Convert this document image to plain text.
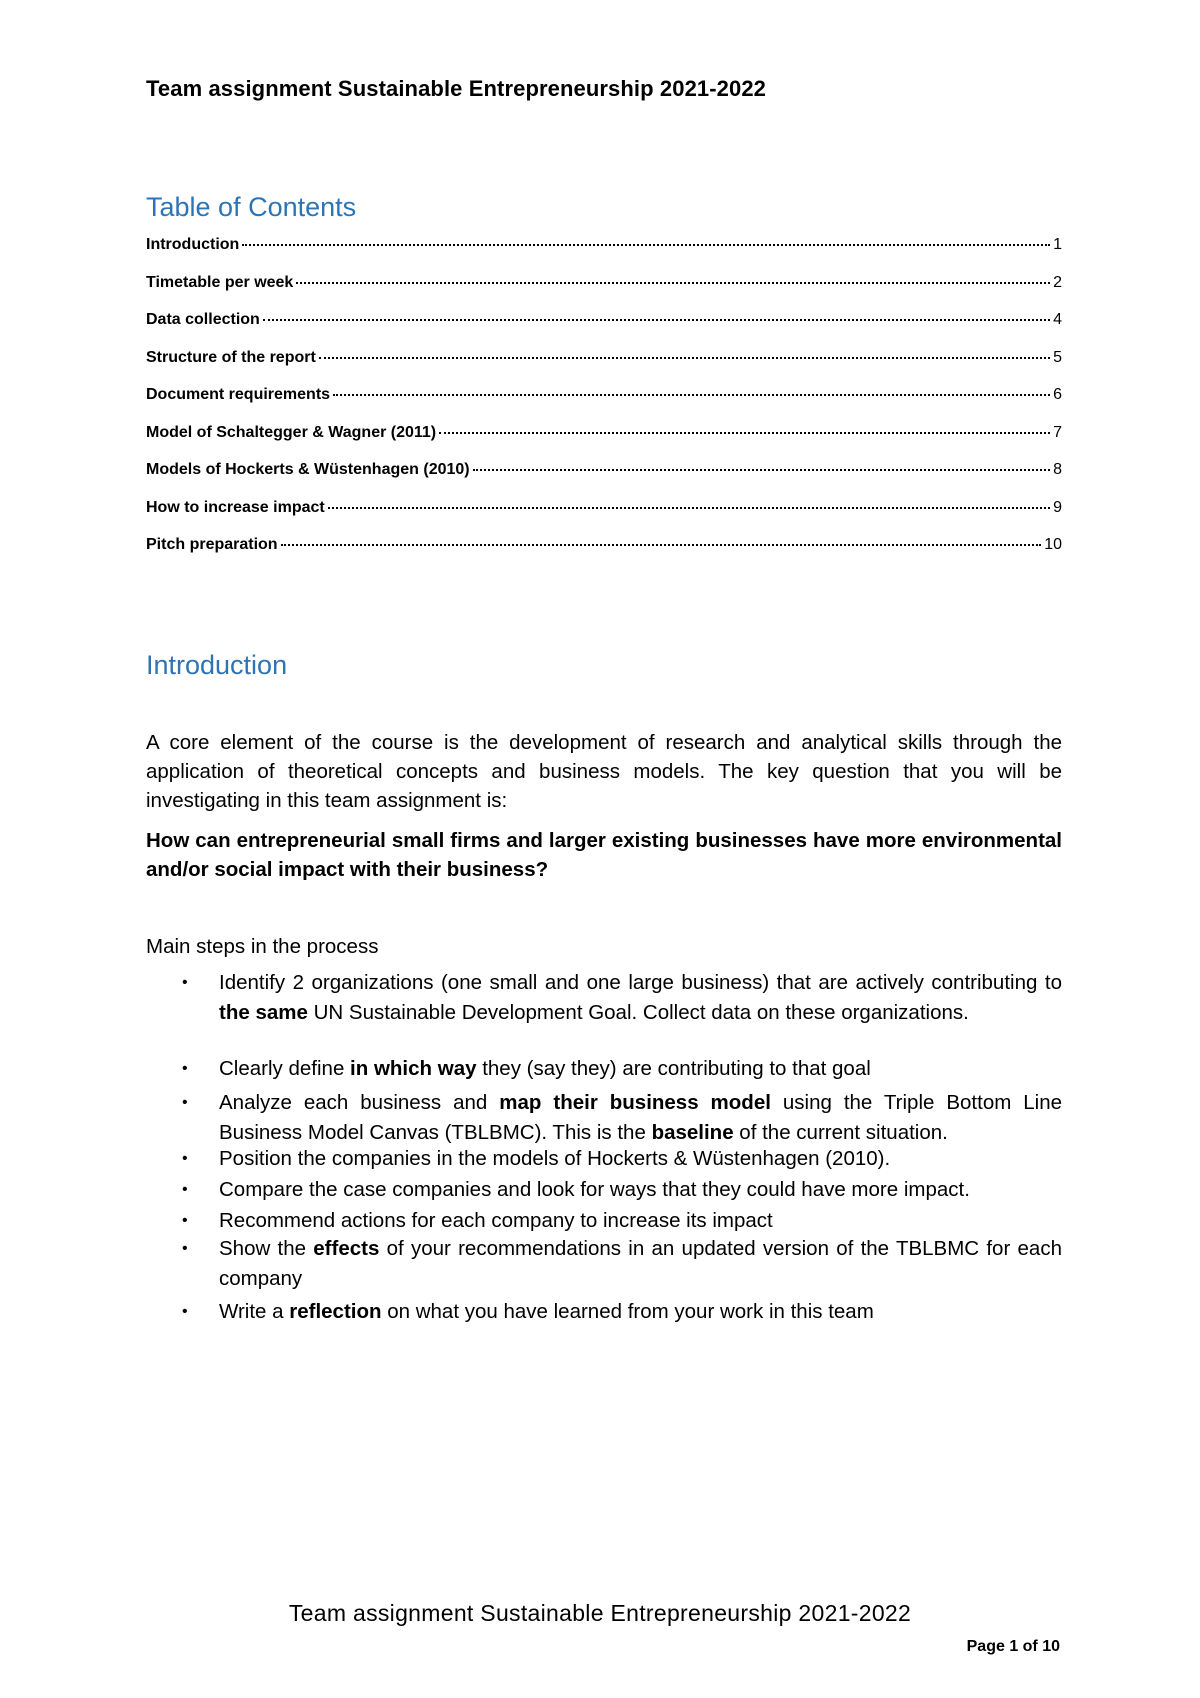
Team assignment Sustainable Entrepreneurship 2021-2022
Table of Contents
Introduction	1
Timetable per week	2
Data collection	4
Structure of the report	5
Document requirements	6
Model of Schaltegger & Wagner (2011)	7
Models of Hockerts & Wüstenhagen (2010)	8
How to increase impact	9
Pitch preparation	10
Introduction

A core element of the course is the development of research and analytical skills through the application of theoretical concepts and business models. The key question that you will be investigating in this team assignment is:

How can entrepreneurial small firms and larger existing businesses have more environmental and/or social impact with their business?

Main steps in the process

• Identify 2 organizations (one small and one large business) that are actively contributing to the same UN Sustainable Development Goal. Collect data on these organizations.
• Clearly define in which way they (say they) are contributing to that goal
• Analyze each business and map their business model using the Triple Bottom Line Business Model Canvas (TBLBMC). This is the baseline of the current situation.
• Position the companies in the models of Hockerts & Wüstenhagen (2010).
• Compare the case companies and look for ways that they could have more impact.
• Recommend actions for each company to increase its impact
• Show the effects of your recommendations in an updated version of the TBLBMC for each company
• Write a reflection on what you have learned from your work in this team
Team assignment Sustainable Entrepreneurship 2021-2022
Page 1 of 10
